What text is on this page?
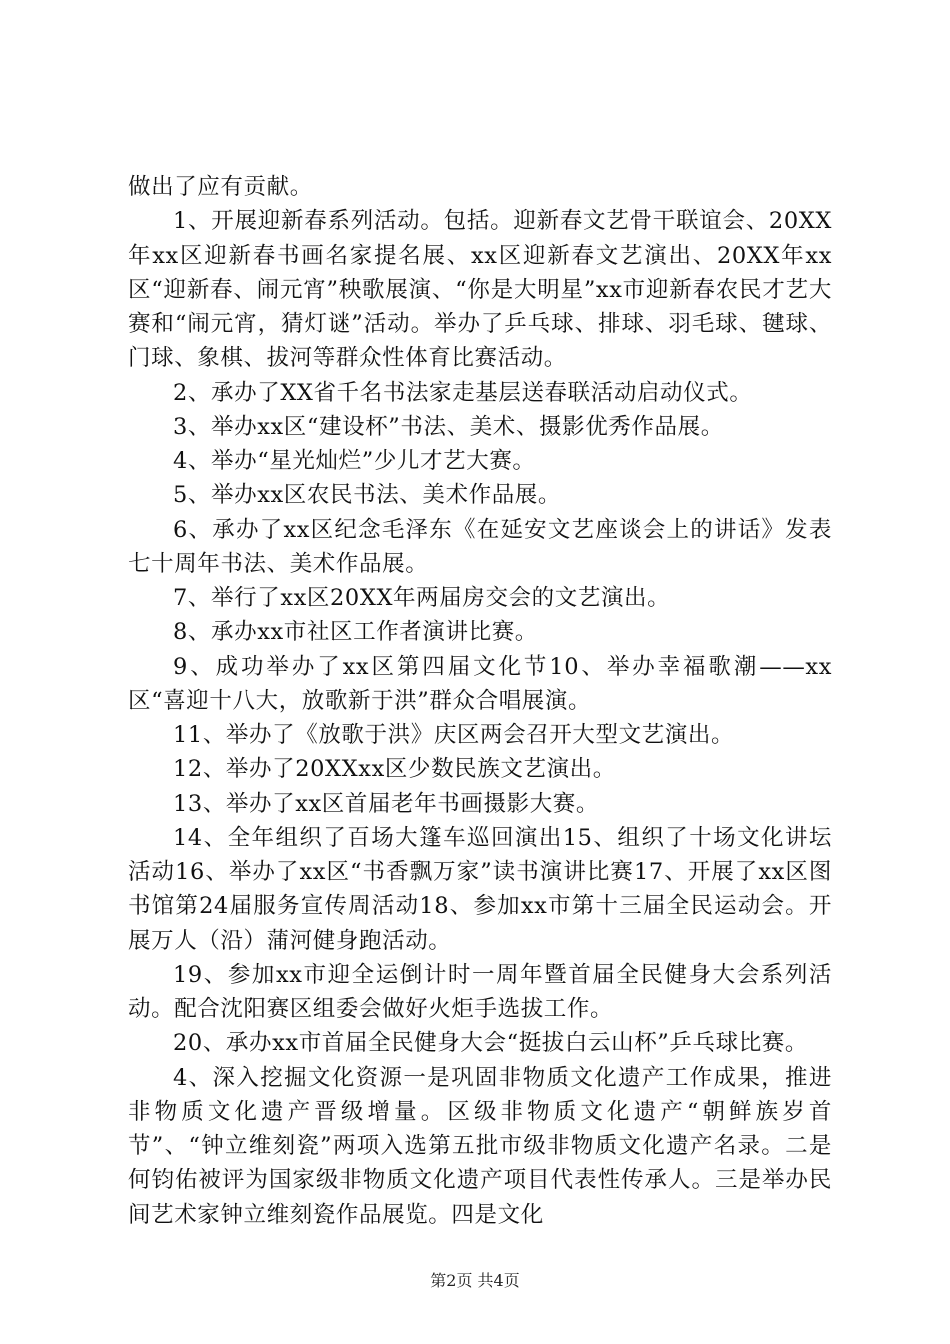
做出了应有贡献。

1、开展迎新春系列活动。包括。迎新春文艺骨干联谊会、20XX年xx区迎新春书画名家提名展、xx区迎新春文艺演出、20XX年xx区“迎新春、闹元宵”秧歌展演、“你是大明星”xx市迎新春农民才艺大赛和“闹元宵，猜灯谜”活动。举办了乒乓球、排球、羽毛球、毽球、门球、象棋、拔河等群众性体育比赛活动。

2、承办了XX省千名书法家走基层送春联活动启动仪式。

3、举办xx区“建设杯”书法、美术、摄影优秀作品展。

4、举办“星光灿烂”少儿才艺大赛。

5、举办xx区农民书法、美术作品展。

6、承办了xx区纪念毛泽东《在延安文艺座谈会上的讲话》发表七十周年书法、美术作品展。

7、举行了xx区20XX年两届房交会的文艺演出。

8、承办xx市社区工作者演讲比赛。

9、成功举办了xx区第四届文化节10、举办幸福歌潮——xx区“喜迎十八大，放歌新于洪”群众合唱展演。

11、举办了《放歌于洪》庆区两会召开大型文艺演出。

12、举办了20XXxx区少数民族文艺演出。

13、举办了xx区首届老年书画摄影大赛。

14、全年组织了百场大篷车巡回演出15、组织了十场文化讲坛活动16、举办了xx区“书香飘万家”读书演讲比赛17、开展了xx区图书馆第24届服务宣传周活动18、参加xx市第十三届全民运动会。开展万人（沿）蒲河健身跑活动。

19、参加xx市迎全运倒计时一周年暨首届全民健身大会系列活动。配合沈阳赛区组委会做好火炬手选拔工作。

20、承办xx市首届全民健身大会“挺拔白云山杯”乒乓球比赛。

4、深入挖掘文化资源一是巩固非物质文化遗产工作成果，推进非物质文化遗产晋级增量。区级非物质文化遗产“朝鲜族岁首节”、“钟立维刻瓷”两项入选第五批市级非物质文化遗产名录。二是何钧佑被评为国家级非物质文化遗产项目代表性传承人。三是举办民间艺术家钟立维刻瓷作品展览。四是文化

第2页 共4页
